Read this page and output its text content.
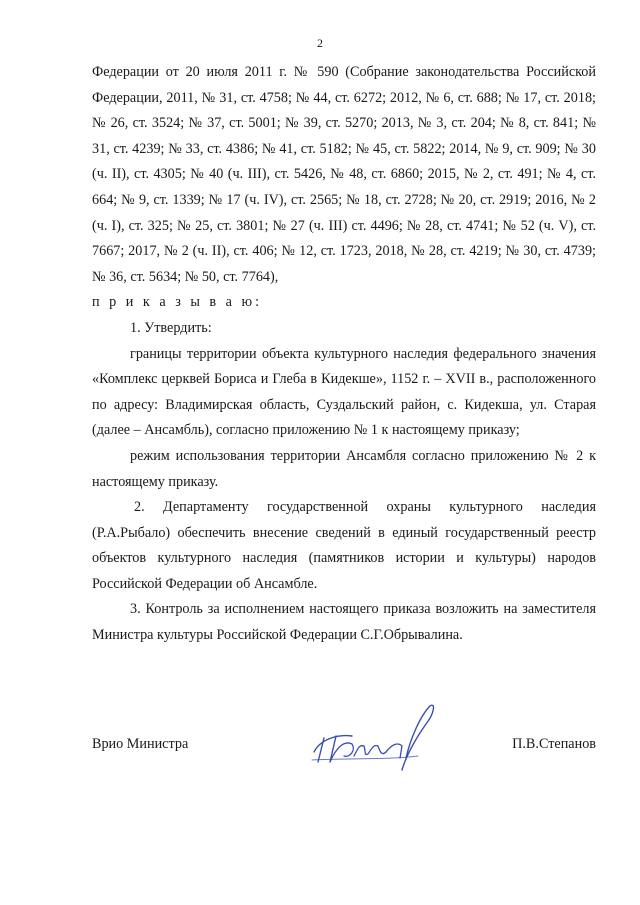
2

Федерации от 20 июля 2011 г. № 590 (Собрание законодательства Российской Федерации, 2011, № 31, ст. 4758; № 44, ст. 6272; 2012, № 6, ст. 688; № 17, ст. 2018; № 26, ст. 3524; № 37, ст. 5001; № 39, ст. 5270; 2013, № 3, ст. 204; № 8, ст. 841; № 31, ст. 4239; № 33, ст. 4386; № 41, ст. 5182; № 45, ст. 5822; 2014, № 9, ст. 909; № 30 (ч. II), ст. 4305; № 40 (ч. III), ст. 5426, № 48, ст. 6860; 2015, № 2, ст. 491; № 4, ст. 664; № 9, ст. 1339; № 17 (ч. IV), ст. 2565; № 18, ст. 2728; № 20, ст. 2919; 2016, № 2 (ч. I), ст. 325; № 25, ст. 3801; № 27 (ч. III) ст. 4496; № 28, ст. 4741; № 52 (ч. V), ст. 7667; 2017, № 2 (ч. II), ст. 406; № 12, ст. 1723, 2018, № 28, ст. 4219; № 30, ст. 4739; № 36, ст. 5634; № 50, ст. 7764),

п р и к а з ы в а ю:

1. Утвердить:

границы территории объекта культурного наследия федерального значения «Комплекс церквей Бориса и Глеба в Кидекше», 1152 г. – XVII в., расположенного по адресу: Владимирская область, Суздальский район, с. Кидекша, ул. Старая (далее – Ансамбль), согласно приложению № 1 к настоящему приказу;

режим использования территории Ансамбля согласно приложению № 2 к настоящему приказу.

2. Департаменту государственной охраны культурного наследия (Р.А.Рыбало) обеспечить внесение сведений в единый государственный реестр объектов культурного наследия (памятников истории и культуры) народов Российской Федерации об Ансамбле.

3. Контроль за исполнением настоящего приказа возложить на заместителя Министра культуры Российской Федерации С.Г.Обрывалина.

Врио Министра	П.В.Степанов
